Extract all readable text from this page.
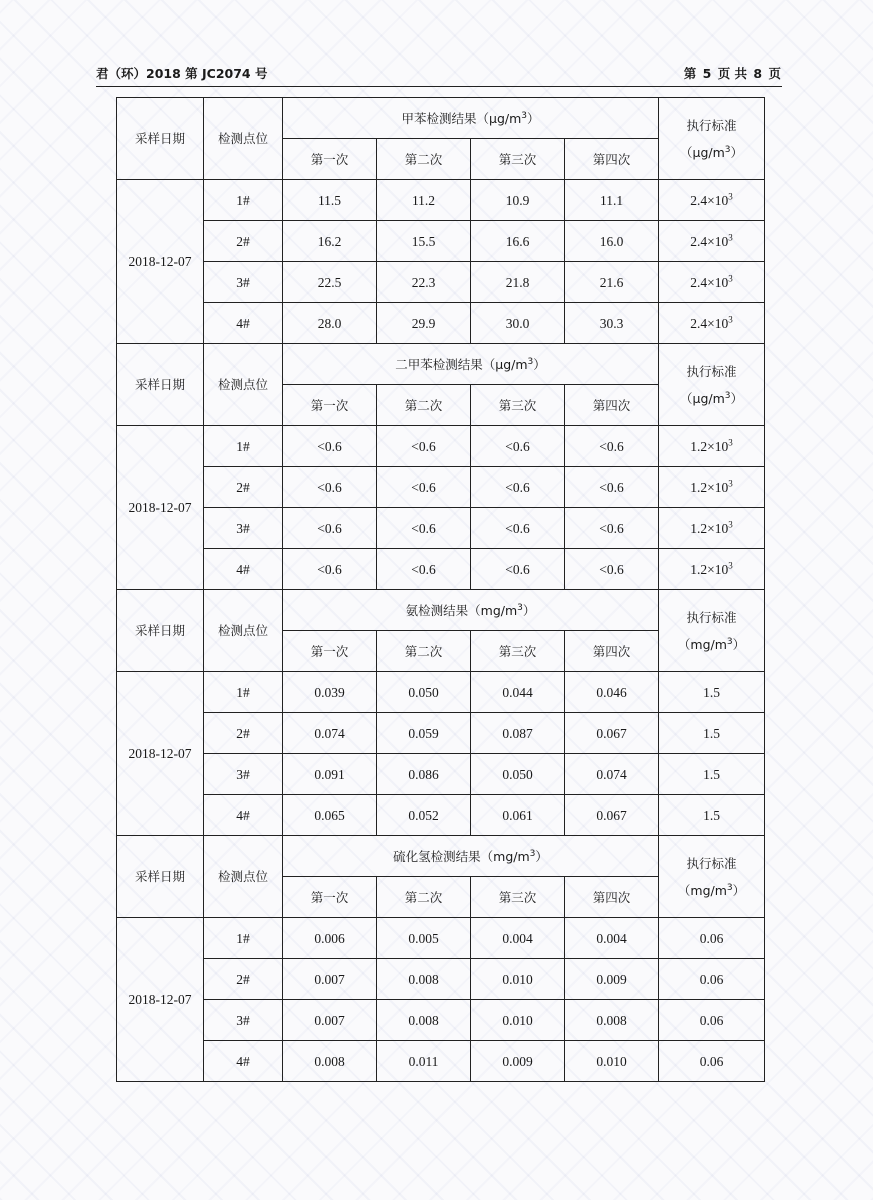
君（环）2018 第 JC2074 号	第 5 页 共 8 页
采样日期	检测点位	甲苯检测结果$(\mu g/m^3)$				执行标准
$(\mu g/m^3)$

		第一次	第二次	第三次	第四次	
2018-12-07	1#	11.5	11.2	10.9	11.1	$2.4\times 10^3$
	2#	16.2	15.5	16.6	16.0	$2.4\times 10^3$
	3#	22.5	22.3	21.8	21.6	$2.4\times 10^3$
	4#	28.0	29.9	30.0	30.3	$2.4\times 10^3$
采样日期	检测点位	二甲苯检测结果$(\mu g/m^3)$				执行标准
$(\mu g/m^3)$

		第一次	第二次	第三次	第四次	
2018-12-07	1#	<0.6	<0.6	<0.6	<0.6	$1.2\times 10^3$
	2#	<0.6	<0.6	<0.6	<0.6	$1.2\times 10^3$
	3#	<0.6	<0.6	<0.6	<0.6	$1.2\times 10^3$
	4#	<0.6	<0.6	<0.6	<0.6	$1.2\times 10^3$
采样日期	检测点位	氨检测结果$(mg/m^3)$				执行标准
$(mg/m^3)$

		第一次	第二次	第三次	第四次	
2018-12-07	1#	0.039	0.050	0.044	0.046	1.5
	2#	0.074	0.059	0.087	0.067	1.5
	3#	0.091	0.086	0.050	0.074	1.5
	4#	0.065	0.052	0.061	0.067	1.5
采样日期	检测点位	硫化氢检测结果$(mg/m^3)$				执行标准
$(mg/m^3)$

		第一次	第二次	第三次	第四次	
2018-12-07	1#	0.006	0.005	0.004	0.004	0.06
	2#	0.007	0.008	0.010	0.009	0.06
	3#	0.007	0.008	0.010	0.008	0.06
	4#	0.008	0.011	0.009	0.010	0.06
